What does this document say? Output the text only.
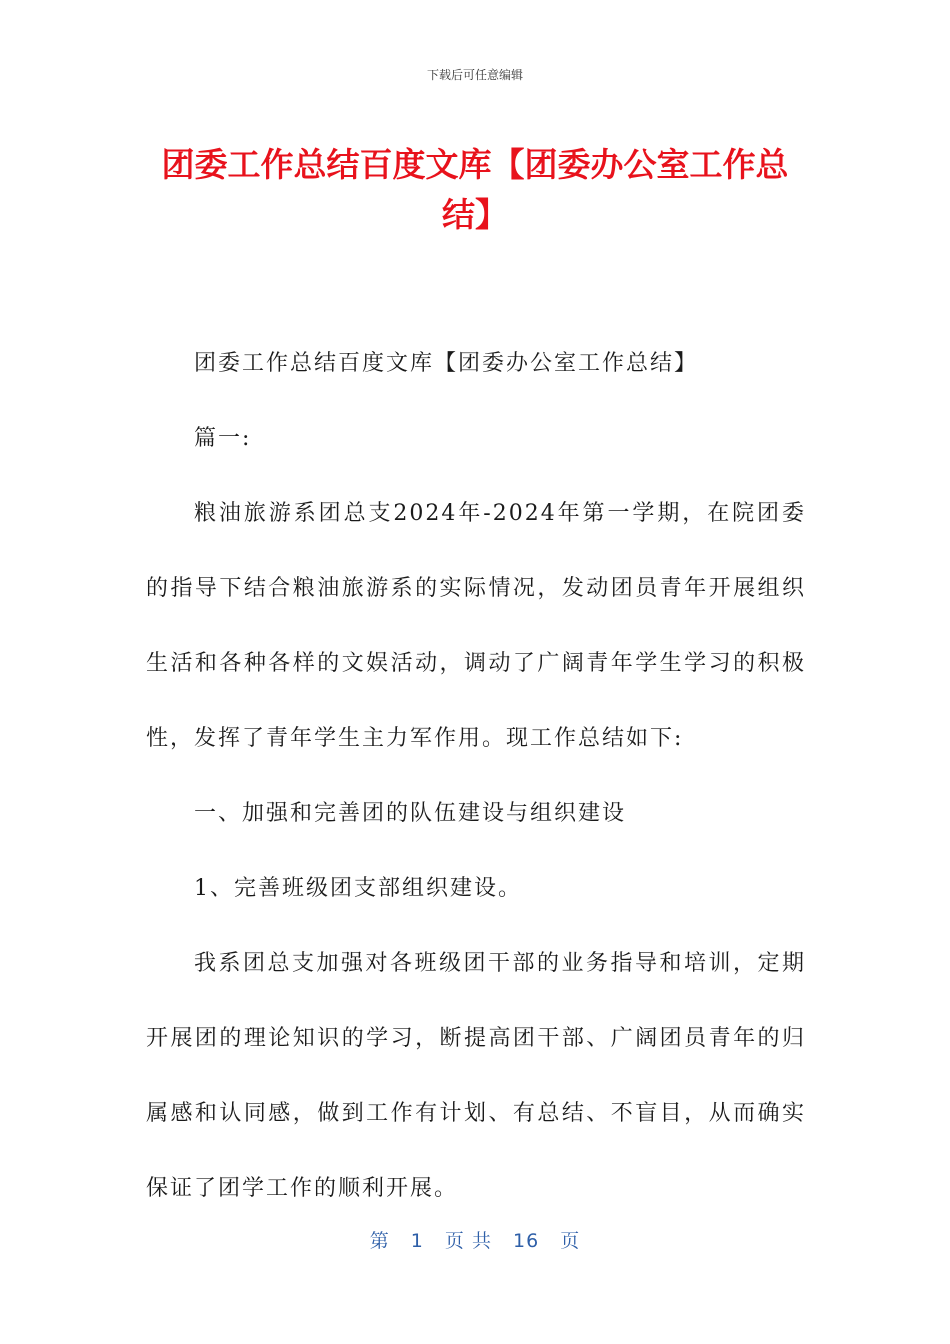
下载后可任意编辑
团委工作总结百度文库【团委办公室工作总结】

团委工作总结百度文库【团委办公室工作总结】

篇一:

粮油旅游系团总支2024年-2024年第一学期，在院团委的指导下结合粮油旅游系的实际情况，发动团员青年开展组织生活和各种各样的文娱活动，调动了广阔青年学生学习的积极性，发挥了青年学生主力军作用。现工作总结如下:

一、加强和完善团的队伍建设与组织建设

1、完善班级团支部组织建设。

我系团总支加强对各班级团干部的业务指导和培训，定期开展团的理论知识的学习，断提高团干部、广阔团员青年的归属感和认同感，做到工作有计划、有总结、不盲目，从而确实保证了团学工作的顺利开展。

第 1 页 共 16 页
